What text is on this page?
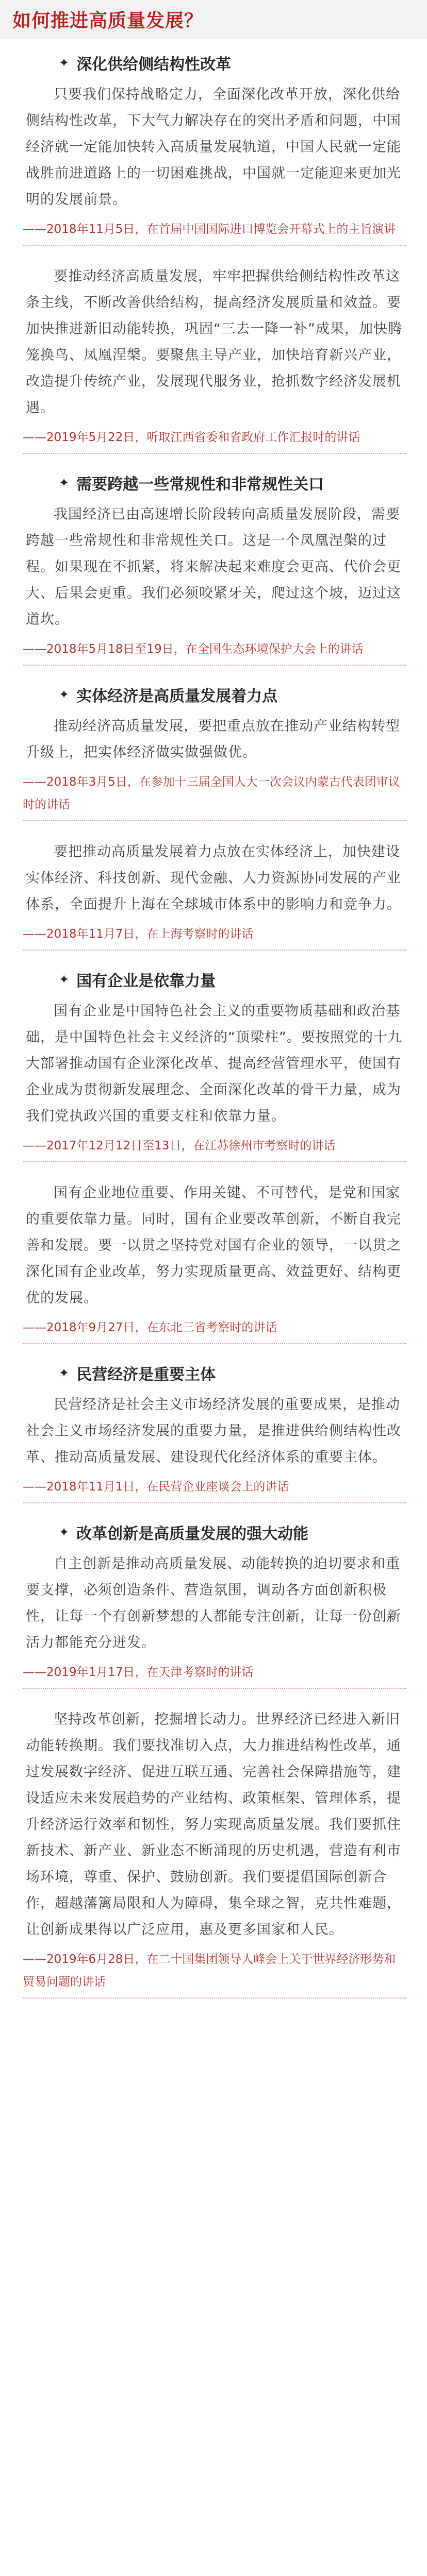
如何推进高质量发展？
✦ 深化供给侧结构性改革

只要我们保持战略定力，全面深化改革开放，深化供给侧结构性改革，下大气力解决存在的突出矛盾和问题，中国经济就一定能加快转入高质量发展轨道，中国人民就一定能战胜前进道路上的一切困难挑战，中国就一定能迎来更加光明的发展前景。

——2018年11月5日，在首届中国国际进口博览会开幕式上的主旨演讲

要推动经济高质量发展，牢牢把握供给侧结构性改革这条主线，不断改善供给结构，提高经济发展质量和效益。要加快推进新旧动能转换，巩固“三去一降一补”成果，加快腾笼换鸟、凤凰涅槃。要聚焦主导产业，加快培育新兴产业，改造提升传统产业，发展现代服务业，抢抓数字经济发展机遇。

——2019年5月22日，听取江西省委和省政府工作汇报时的讲话
✦ 需要跨越一些常规性和非常规性关口

我国经济已由高速增长阶段转向高质量发展阶段，需要跨越一些常规性和非常规性关口。这是一个凤凰涅槃的过程。如果现在不抓紧，将来解决起来难度会更高、代价会更大、后果会更重。我们必须咬紧牙关，爬过这个坡，迈过这道坎。

——2018年5月18日至19日，在全国生态环境保护大会上的讲话
✦ 实体经济是高质量发展着力点

推动经济高质量发展，要把重点放在推动产业结构转型升级上，把实体经济做实做强做优。

——2018年3月5日，在参加十三届全国人大一次会议内蒙古代表团审议时的讲话

要把推动高质量发展着力点放在实体经济上，加快建设实体经济、科技创新、现代金融、人力资源协同发展的产业体系，全面提升上海在全球城市体系中的影响力和竞争力。

——2018年11月7日，在上海考察时的讲话
✦ 国有企业是依靠力量

国有企业是中国特色社会主义的重要物质基础和政治基础，是中国特色社会主义经济的“顶梁柱”。要按照党的十九大部署推动国有企业深化改革、提高经营管理水平，使国有企业成为贯彻新发展理念、全面深化改革的骨干力量，成为我们党执政兴国的重要支柱和依靠力量。

——2017年12月12日至13日，在江苏徐州市考察时的讲话

国有企业地位重要、作用关键、不可替代，是党和国家的重要依靠力量。同时，国有企业要改革创新，不断自我完善和发展。要一以贯之坚持党对国有企业的领导，一以贯之深化国有企业改革，努力实现质量更高、效益更好、结构更优的发展。

——2018年9月27日，在东北三省考察时的讲话
✦ 民营经济是重要主体

民营经济是社会主义市场经济发展的重要成果，是推动社会主义市场经济发展的重要力量，是推进供给侧结构性改革、推动高质量发展、建设现代化经济体系的重要主体。

——2018年11月1日，在民营企业座谈会上的讲话
✦ 改革创新是高质量发展的强大动能

自主创新是推动高质量发展、动能转换的迫切要求和重要支撑，必须创造条件、营造氛围，调动各方面创新积极性，让每一个有创新梦想的人都能专注创新，让每一份创新活力都能充分迸发。

——2019年1月17日，在天津考察时的讲话

坚持改革创新，挖掘增长动力。世界经济已经进入新旧动能转换期。我们要找准切入点，大力推进结构性改革，通过发展数字经济、促进互联互通、完善社会保障措施等，建设适应未来发展趋势的产业结构、政策框架、管理体系，提升经济运行效率和韧性，努力实现高质量发展。我们要抓住新技术、新产业、新业态不断涌现的历史机遇，营造有利市场环境，尊重、保护、鼓励创新。我们要提倡国际创新合作，超越藩篱局限和人为障碍，集全球之智，克共性难题，让创新成果得以广泛应用，惠及更多国家和人民。

——2019年6月28日，在二十国集团领导人峰会上关于世界经济形势和贸易问题的讲话
